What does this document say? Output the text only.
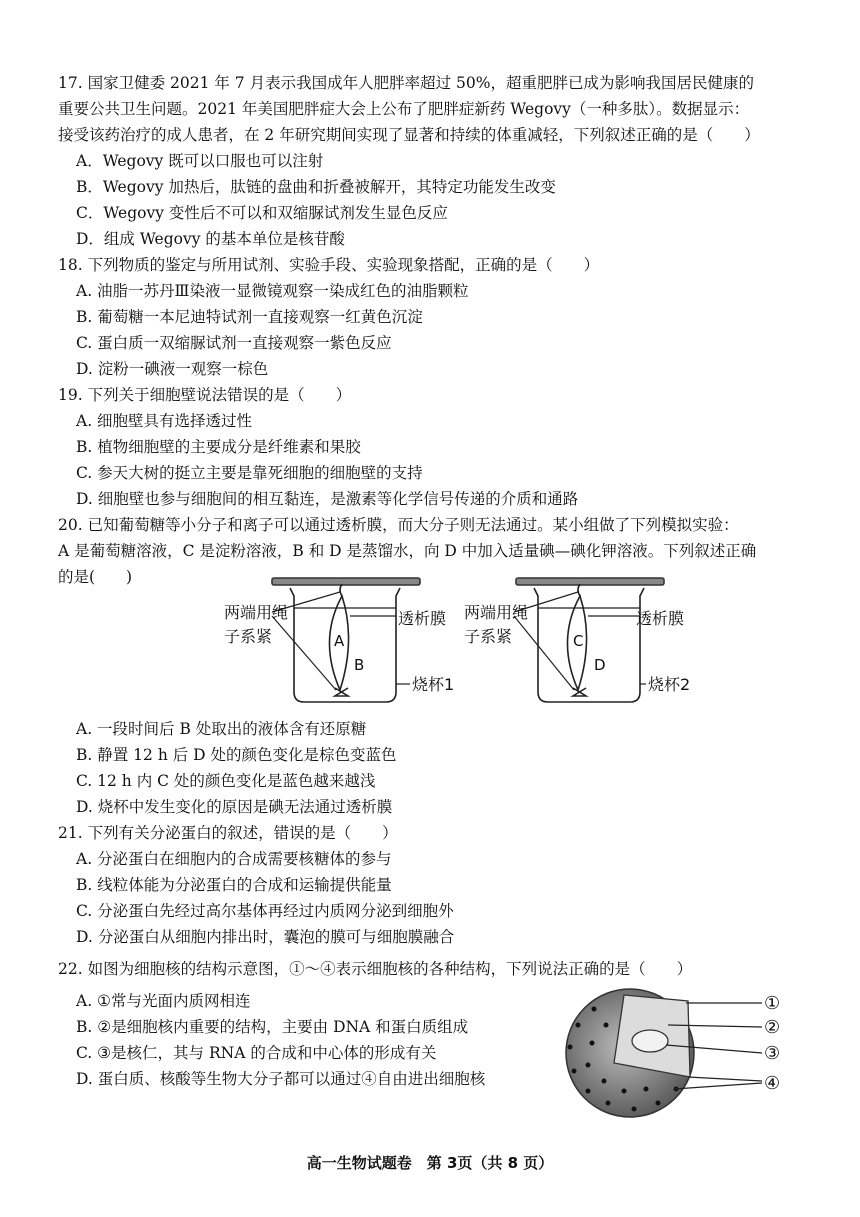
17. 国家卫健委 2021 年 7 月表示我国成年人肥胖率超过 50%，超重肥胖已成为影响我国居民健康的
重要公共卫生问题。2021 年美国肥胖症大会上公布了肥胖症新药 Wegovy（一种多肽）。数据显示：
接受该药治疗的成人患者，在 2 年研究期间实现了显著和持续的体重减轻，下列叙述正确的是（　　）
A．Wegovy 既可以口服也可以注射
B．Wegovy 加热后，肽链的盘曲和折叠被解开，其特定功能发生改变
C．Wegovy 变性后不可以和双缩脲试剂发生显色反应
D．组成 Wegovy 的基本单位是核苷酸
18. 下列物质的鉴定与所用试剂、实验手段、实验现象搭配，正确的是（　　）
A. 油脂一苏丹Ⅲ染液一显微镜观察一染成红色的油脂颗粒
B. 葡萄糖一本尼迪特试剂一直接观察一红黄色沉淀
C. 蛋白质一双缩脲试剂一直接观察一紫色反应
D. 淀粉一碘液一观察一棕色
19. 下列关于细胞壁说法错误的是（　　）
A. 细胞壁具有选择透过性
B. 植物细胞壁的主要成分是纤维素和果胶
C. 参天大树的挺立主要是靠死细胞的细胞壁的支持
D. 细胞壁也参与细胞间的相互黏连，是激素等化学信号传递的介质和通路
20. 已知葡萄糖等小分子和离子可以通过透析膜，而大分子则无法通过。某小组做了下列模拟实验：
A 是葡萄糖溶液，C 是淀粉溶液，B 和 D 是蒸馏水，向 D 中加入适量碘—碘化钾溶液。下列叙述正确
的是(　　)
两端用绳
子系紧	A
B
透析膜
烧杯1
两端用绳
子系紧	C
D
透析膜
烧杯2
A. 一段时间后 B 处取出的液体含有还原糖
B. 静置 12 h 后 D 处的颜色变化是棕色变蓝色
C. 12 h 内 C 处的颜色变化是蓝色越来越浅
D. 烧杯中发生变化的原因是碘无法通过透析膜
21. 下列有关分泌蛋白的叙述，错误的是（　　）
A. 分泌蛋白在细胞内的合成需要核糖体的参与
B. 线粒体能为分泌蛋白的合成和运输提供能量
C. 分泌蛋白先经过高尔基体再经过内质网分泌到细胞外
D. 分泌蛋白从细胞内排出时，囊泡的膜可与细胞膜融合
22. 如图为细胞核的结构示意图，①～④表示细胞核的各种结构，下列说法正确的是（　　）
A. ①常与光面内质网相连
B. ②是细胞核内重要的结构，主要由 DNA 和蛋白质组成
C. ③是核仁，其与 RNA 的合成和中心体的形成有关
D. 蛋白质、核酸等生物大分子都可以通过④自由进出细胞核
①
②
③
④
高一生物试题卷　第 3页（共 8 页）
